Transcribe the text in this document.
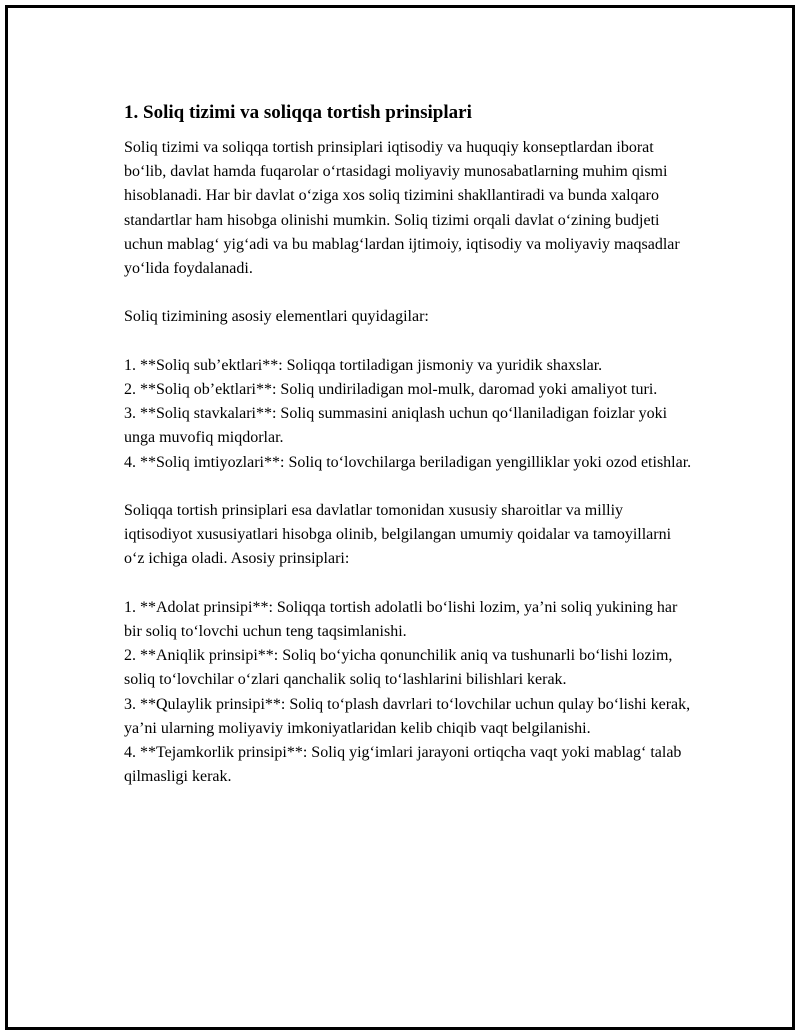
1. Soliq tizimi va soliqqa tortish prinsiplari
Soliq tizimi va soliqqa tortish prinsiplari iqtisodiy va huquqiy konseptlardan iborat bo‘lib, davlat hamda fuqarolar o‘rtasidagi moliyaviy munosabatlarning muhim qismi hisoblanadi. Har bir davlat o‘ziga xos soliq tizimini shakllantiradi va bunda xalqaro standartlar ham hisobga olinishi mumkin. Soliq tizimi orqali davlat o‘zining budjeti uchun mablag‘ yig‘adi va bu mablag‘lardan ijtimoiy, iqtisodiy va moliyaviy maqsadlar yo‘lida foydalanadi.
Soliq tizimining asosiy elementlari quyidagilar:
1. **Soliq sub’ektlari**: Soliqqa tortiladigan jismoniy va yuridik shaxslar.
2. **Soliq ob’ektlari**: Soliq undiriladigan mol-mulk, daromad yoki amaliyot turi.
3. **Soliq stavkalari**: Soliq summasini aniqlash uchun qo‘llaniladigan foizlar yoki unga muvofiq miqdorlar.
4. **Soliq imtiyozlari**: Soliq to‘lovchilarga beriladigan yengilliklar yoki ozod etishlar.
Soliqqa tortish prinsiplari esa davlatlar tomonidan xususiy sharoitlar va milliy iqtisodiyot xususiyatlari hisobga olinib, belgilangan umumiy qoidalar va tamoyillarni o‘z ichiga oladi. Asosiy prinsiplari:
1. **Adolat prinsipi**: Soliqqa tortish adolatli bo‘lishi lozim, ya’ni soliq yukining har bir soliq to‘lovchi uchun teng taqsimlanishi.
2. **Aniqlik prinsipi**: Soliq bo‘yicha qonunchilik aniq va tushunarli bo‘lishi lozim, soliq to‘lovchilar o‘zlari qanchalik soliq to‘lashlarini bilishlari kerak.
3. **Qulaylik prinsipi**: Soliq to‘plash davrlari to‘lovchilar uchun qulay bo‘lishi kerak, ya’ni ularning moliyaviy imkoniyatlaridan kelib chiqib vaqt belgilanishi.
4. **Tejamkorlik prinsipi**: Soliq yig‘imlari jarayoni ortiqcha vaqt yoki mablag‘ talab qilmasligi kerak.
